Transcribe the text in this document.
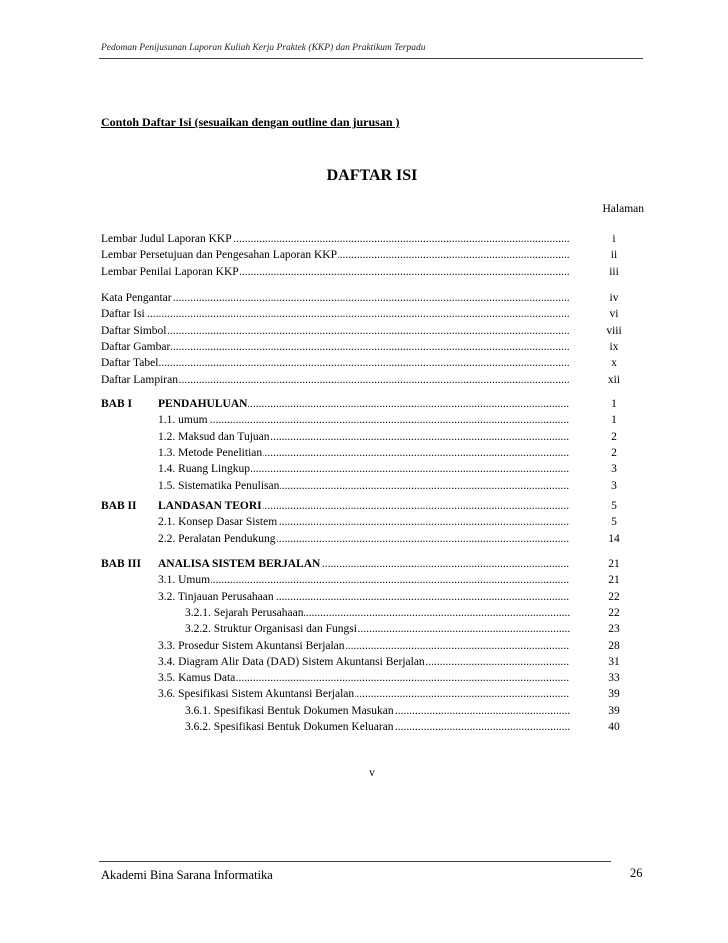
Pedoman Penijusunan Laporan Kuliah Kerja Praktek (KKP) dan Praktikum Terpadu
Contoh Daftar Isi (sesuaikan dengan outline dan jurusan )
DAFTAR ISI
Halaman
.....
Lembar Judul Laporan KKP	i
.....
Lembar Persetujuan dan Pengesahan Laporan KKP	ii
.....
Lembar Penilai Laporan KKP	iii
.....
Kata Pengantar	iv
.....
Daftar Isi	vi
.....
Daftar Simbol	viii
.....
Daftar Gambar	ix
.....
Daftar Tabel	x
.....
Daftar Lampiran	xii
BAB I ..... PENDAHULUAN	1
.....
1.1. umum	1
.....
1.2. Maksud dan Tujuan	2
.....
1.3. Metode Penelitian	2
.....
1.4. Ruang Lingkup	3
.....
1.5. Sistematika Penulisan	3
BAB II ..... LANDASAN TEORI	5
.....
2.1. Konsep Dasar Sistem	5
.....
2.2. Peralatan Pendukung	14
BAB III ..... ANALISA SISTEM BERJALAN	21
.....
3.1. Umum	21
.....
3.2. Tinjauan Perusahaan	22
.....
3.2.1. Sejarah Perusahaan	22
.....
3.2.2. Struktur Organisasi dan Fungsi	23
.....
3.3. Prosedur Sistem Akuntansi Berjalan	28
.....
3.4. Diagram Alir Data (DAD) Sistem Akuntansi Berjalan	31
.....
3.5. Kamus Data	33
.....
3.6. Spesifikasi Sistem Akuntansi Berjalan	39
.....
3.6.1. Spesifikasi Bentuk Dokumen Masukan	39
.....
3.6.2. Spesifikasi Bentuk Dokumen Keluaran	40
v
Akademi Bina Sarana Informatika	26
